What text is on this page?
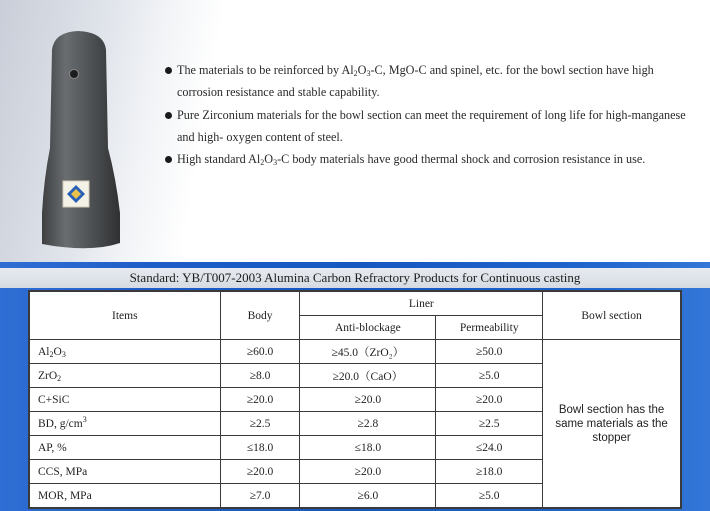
The materials to be reinforced by $Al_2O_3-C$, MgO-C and spinel, etc. for the bowl section have high corrosion resistance and stable capability.
Pure Zirconium materials for the bowl section can meet the requirement of long life for high-manganese and high- oxygen content of steel.
High standard $Al_2O_3-C$ body materials have good thermal shock and corrosion resistance in use.
Standard: YB/T007-2003 Alumina Carbon Refractory Products for Continuous casting
Items	Body	Liner		Bowl section
		Anti-blockage	Permeability	
$Al_2O_3$	≥60.0	≥45.0（ZrO₂）	≥50.0	Bowl section has the same materials as the stopper
ZrO$_2$	≥8.0	≥20.0（CaO）	≥5.0	
C+SiC	≥20.0	≥20.0	≥20.0	
BD, $g/cm^3$	≥2.5	≥2.8	≥2.5	
AP, %	≤18.0	≤18.0	≤24.0	
CCS, MPa	≥20.0	≥20.0	≥18.0	
MOR, MPa	≥7.0	≥6.0	≥5.0	
